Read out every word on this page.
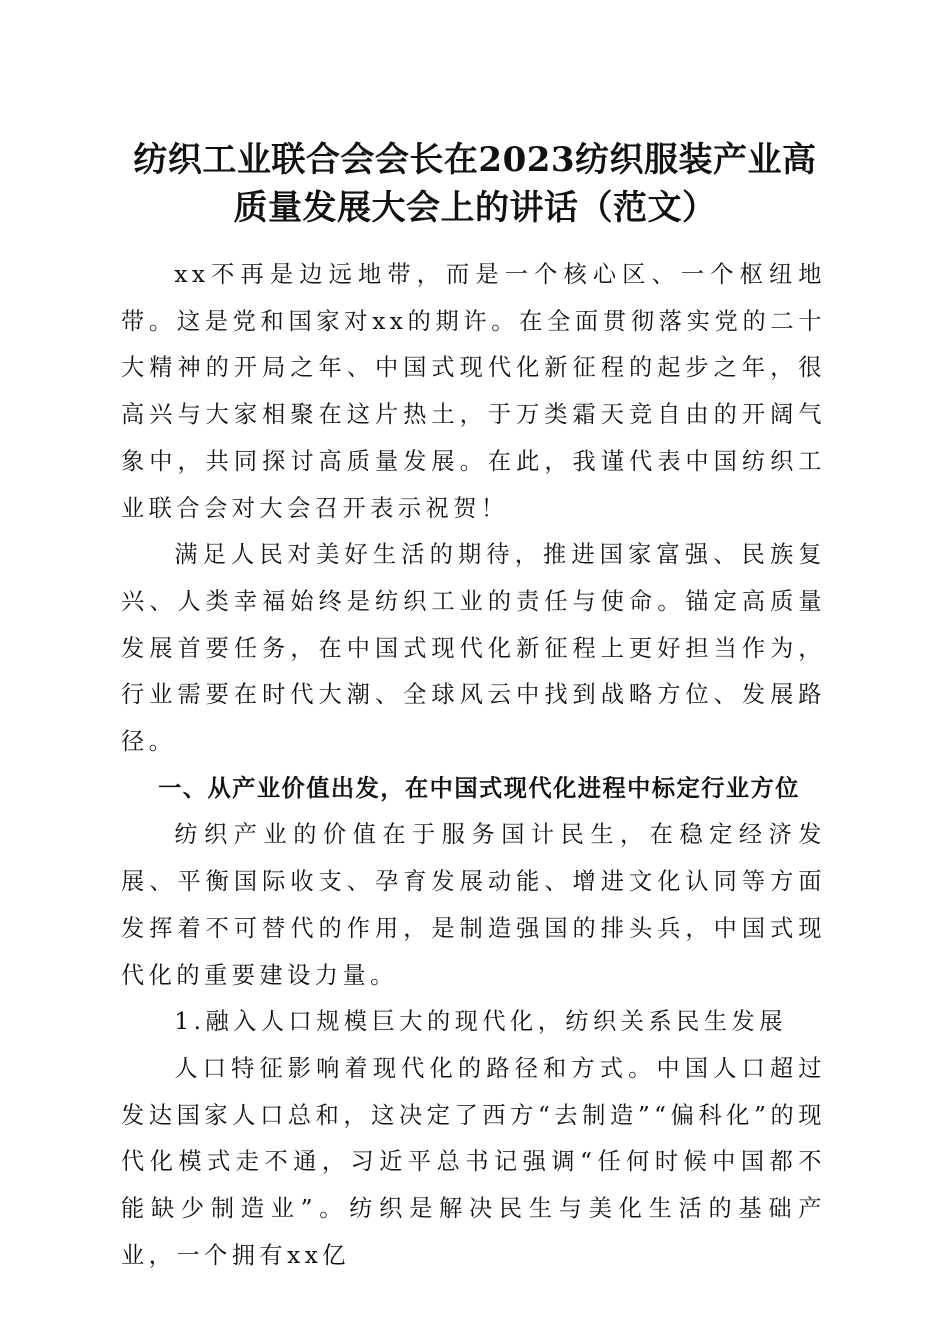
纺织工业联合会会长在2023纺织服装产业高
质量发展大会上的讲话（范文）

xx不再是边远地带，而是一个核心区、一个枢纽地带。这是党和国家对xx的期许。在全面贯彻落实党的二十大精神的开局之年、中国式现代化新征程的起步之年，很高兴与大家相聚在这片热土，于万类霜天竞自由的开阔气象中，共同探讨高质量发展。在此，我谨代表中国纺织工业联合会对大会召开表示祝贺！

满足人民对美好生活的期待，推进国家富强、民族复兴、人类幸福始终是纺织工业的责任与使命。锚定高质量发展首要任务，在中国式现代化新征程上更好担当作为，行业需要在时代大潮、全球风云中找到战略方位、发展路径。

一、从产业价值出发，在中国式现代化进程中标定行业方位

纺织产业的价值在于服务国计民生，在稳定经济发展、平衡国际收支、孕育发展动能、增进文化认同等方面发挥着不可替代的作用，是制造强国的排头兵，中国式现代化的重要建设力量。

1.融入人口规模巨大的现代化，纺织关系民生发展

人口特征影响着现代化的路径和方式。中国人口超过发达国家人口总和，这决定了西方“去制造”“偏科化”的现代化模式走不通，习近平总书记强调“任何时候中国都不能缺少制造业”。纺织是解决民生与美化生活的基础产业，一个拥有xx亿
